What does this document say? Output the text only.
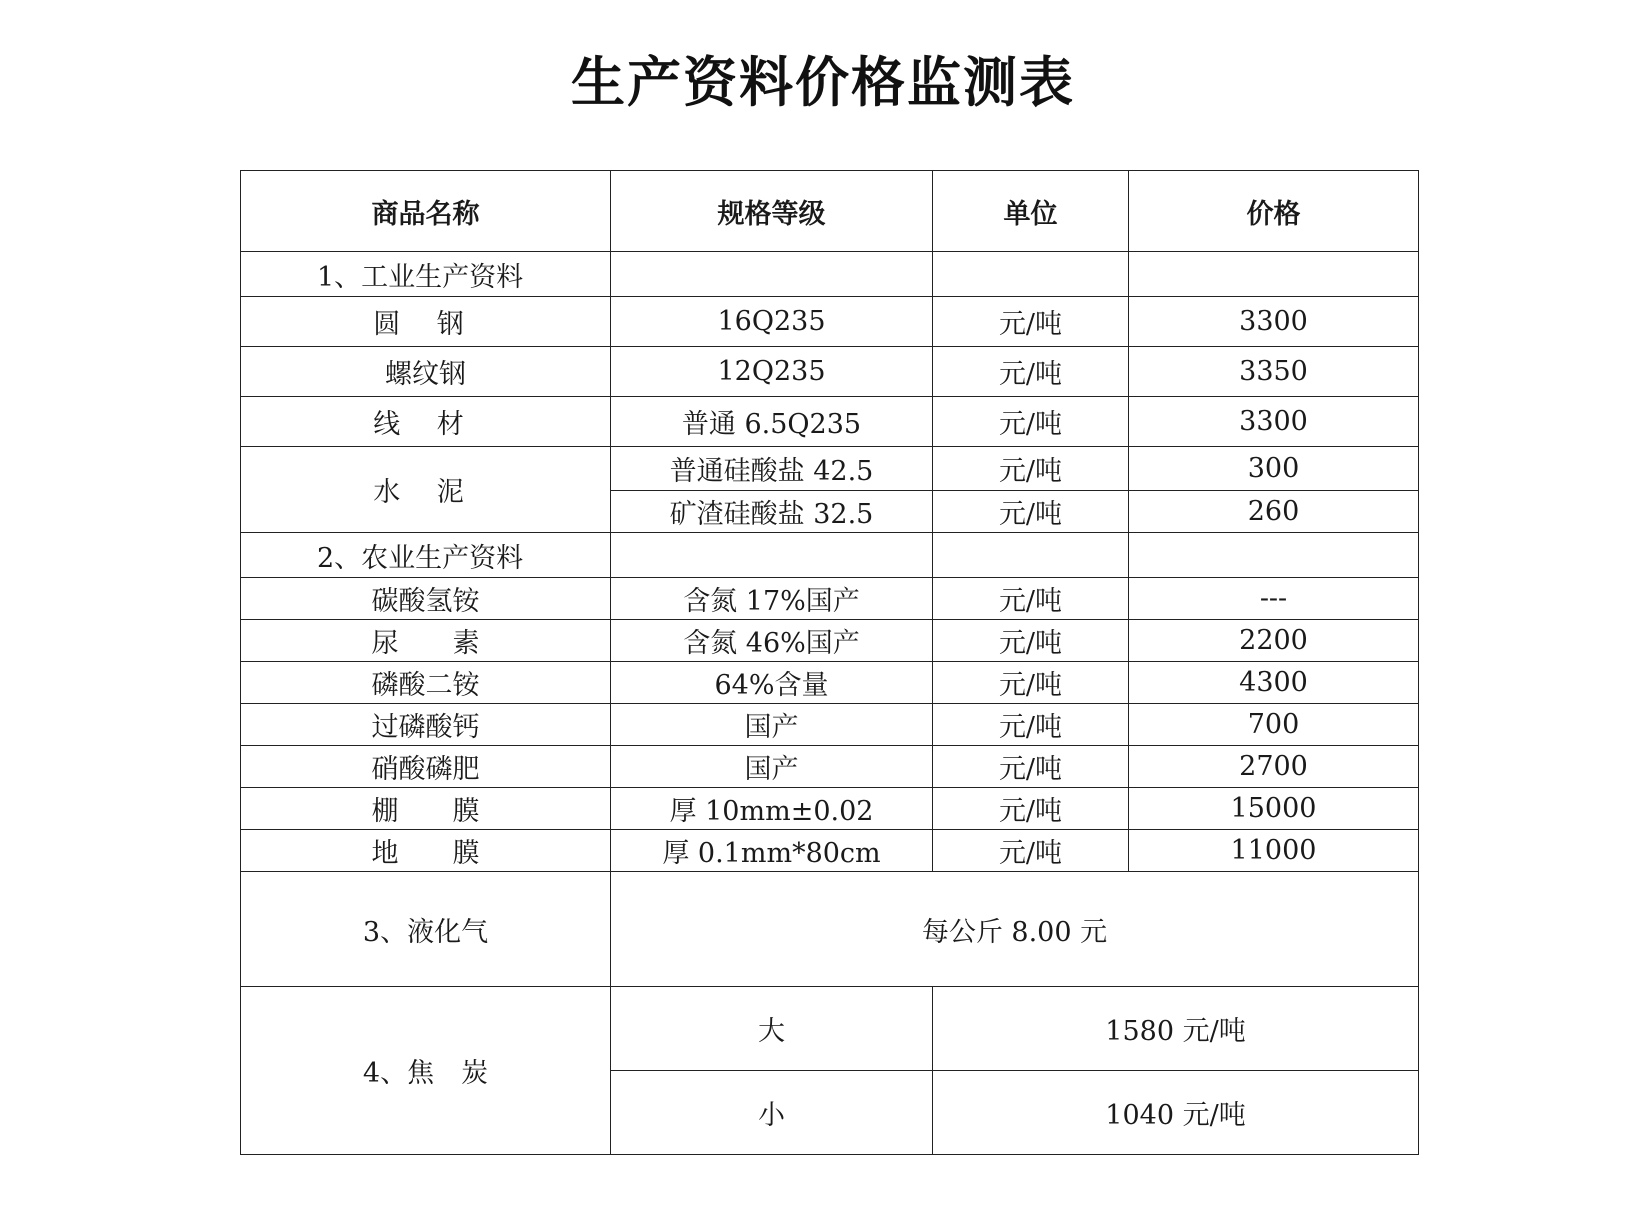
生产资料价格监测表
商品名称	规格等级	单位	价格
1、工业生产资料			
圆 钢	16Q235	元/吨	3300
螺纹钢	12Q235	元/吨	3350
线 材	普通 6.5Q235	元/吨	3300
水 泥	普通硅酸盐 42.5	元/吨	300
	矿渣硅酸盐 32.5	元/吨	260
2、农业生产资料			
碳酸氢铵	含氮 17%国产	元/吨	---
尿　　素	含氮 46%国产	元/吨	2200
磷酸二铵	64%含量	元/吨	4300
过磷酸钙	国产	元/吨	700
硝酸磷肥	国产	元/吨	2700
棚　　膜	厚 10mm±0.02	元/吨	15000
地　　膜	厚 0.1mm*80cm	元/吨	11000
3、液化气	每公斤 8.00 元		
4、焦　炭	大	1580 元/吨	
	小	1040 元/吨	
